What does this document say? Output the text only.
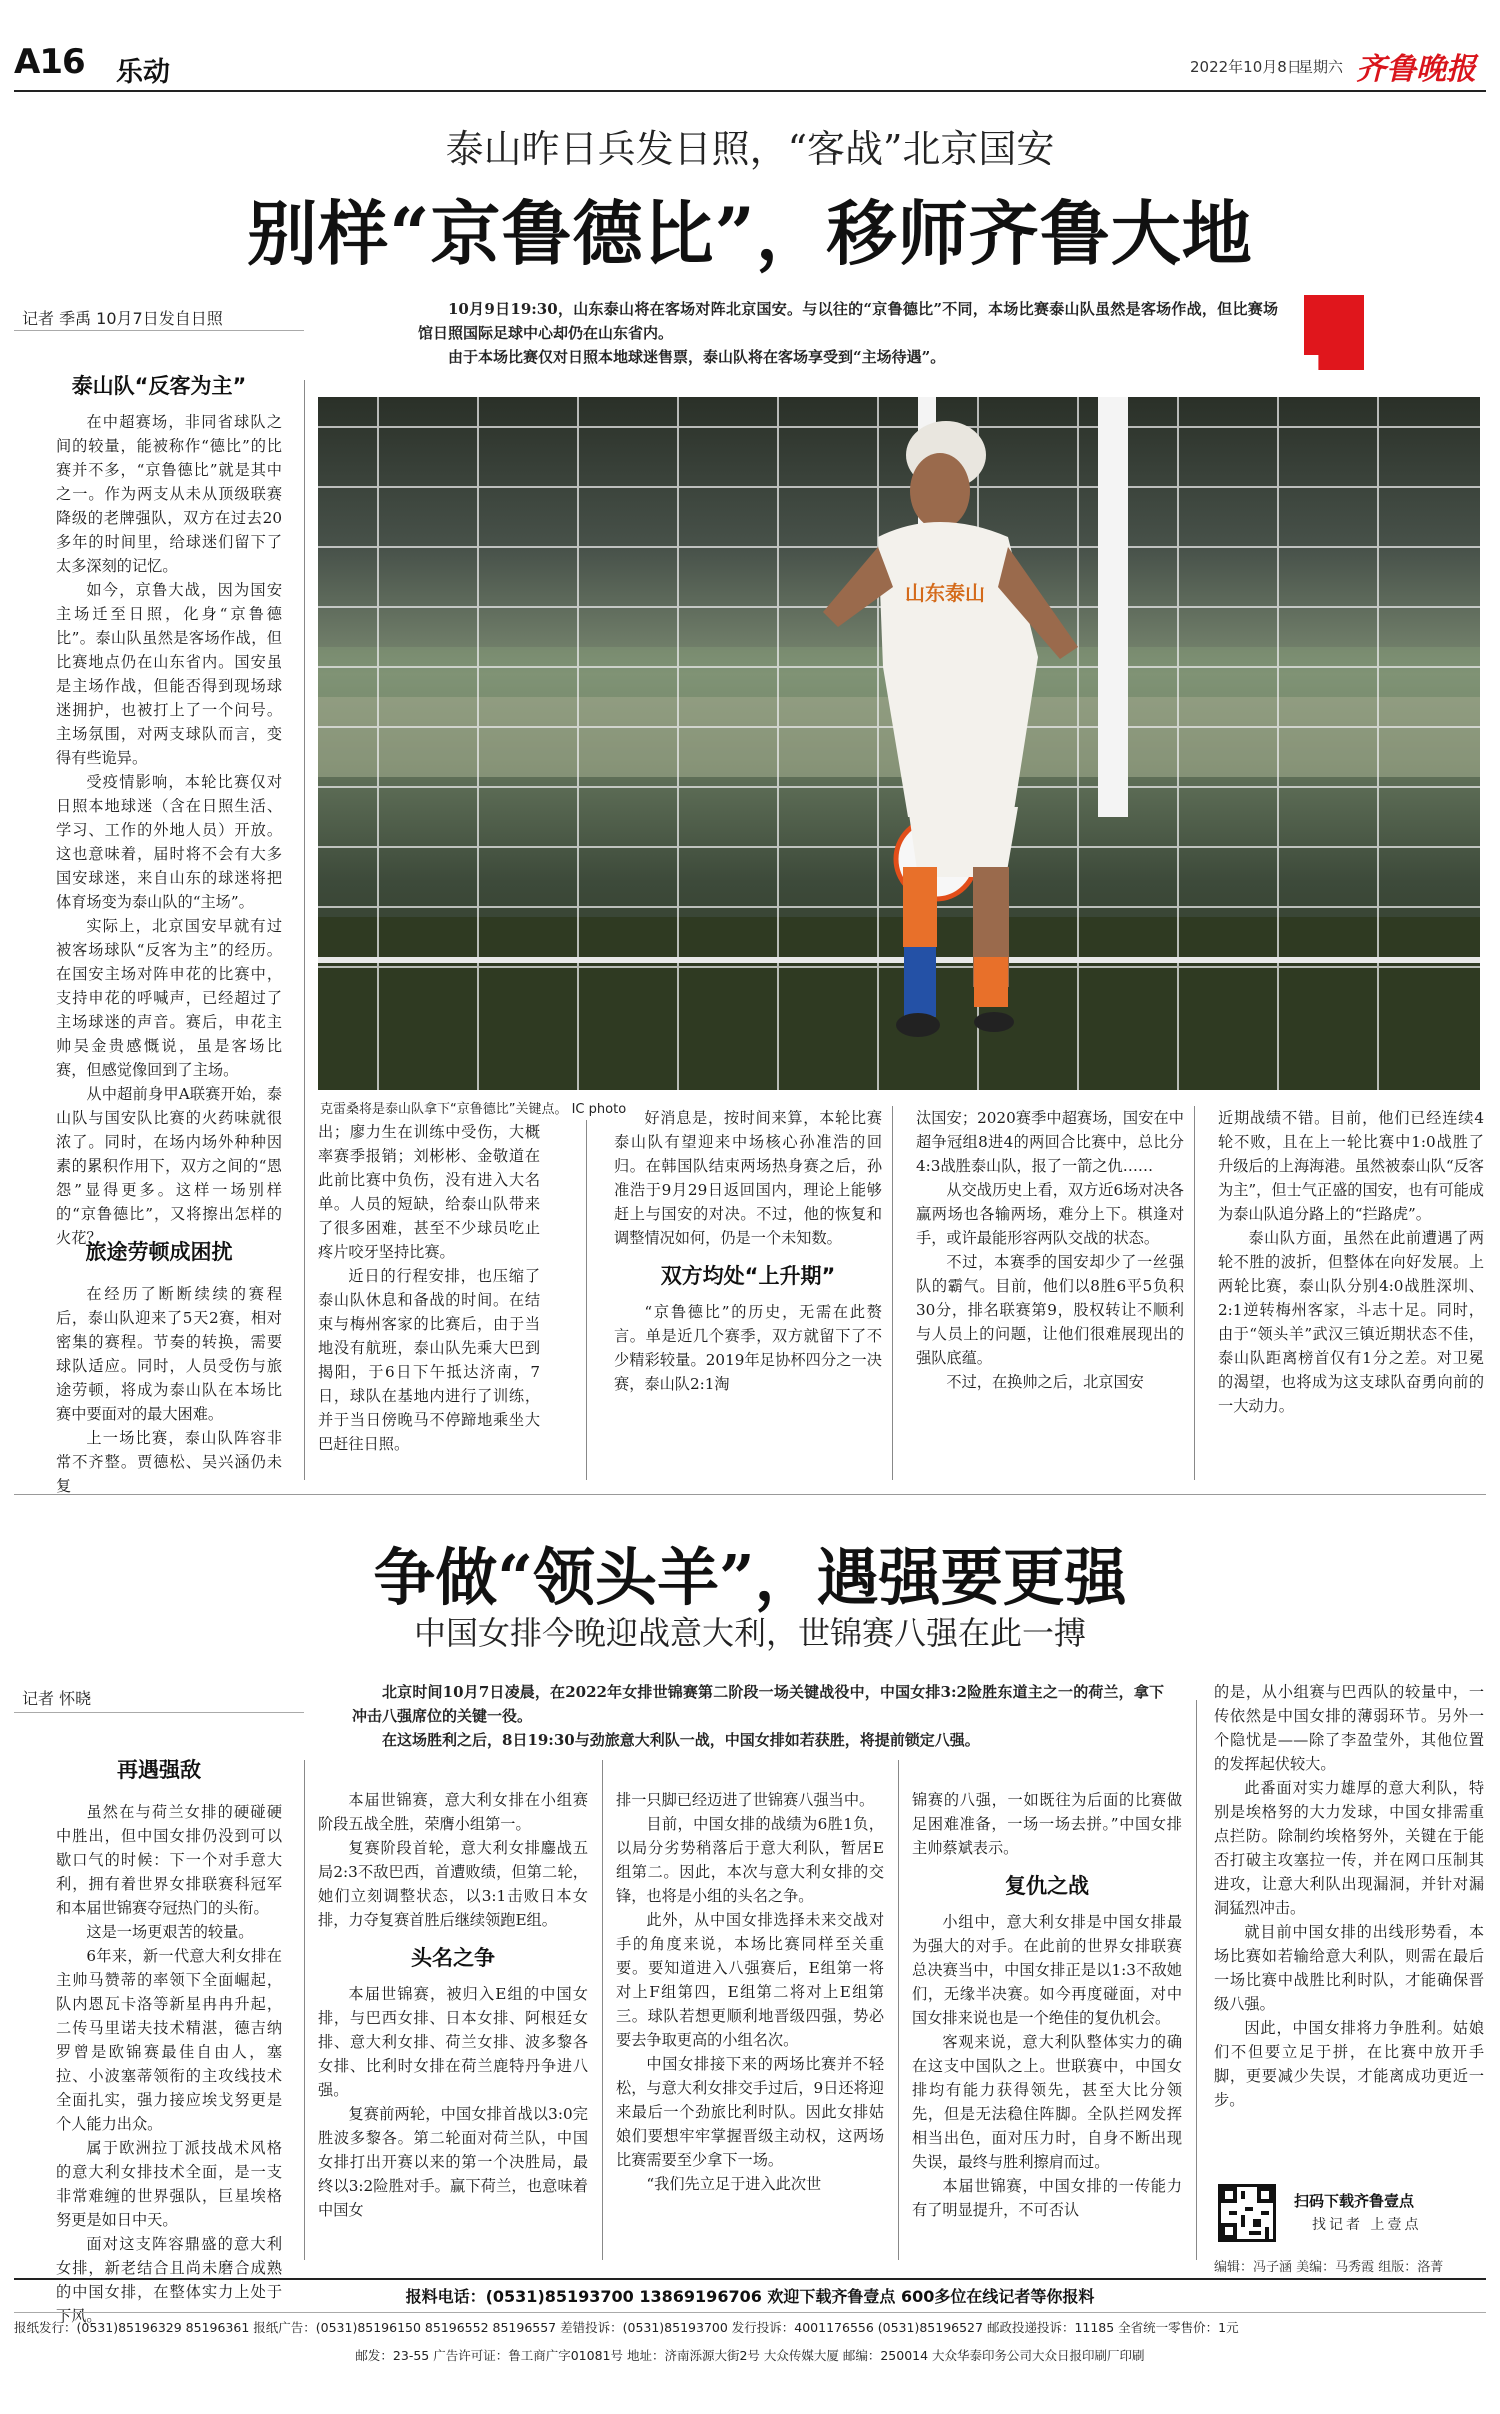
A16 乐动	2022年10月8日
星期六 齐鲁晚报
泰山昨日兵发日照，“客战”北京国安
别样“京鲁德比”，移师齐鲁大地
记者 季禹 10月7日发自日照	10月9日19:30，山东泰山将在客场对阵北京国安。与以往的“京鲁德比”不同，本场比赛泰山队虽然是客场作战，但比赛场馆日照国际足球中心却仍在山东省内。

由于本场比赛仅对日照本地球迷售票，泰山队将在客场享受到“主场待遇”。

泰山队“反客为主”

在中超赛场，非同省球队之间的较量，能被称作“德比”的比赛并不多，“京鲁德比”就是其中之一。作为两支从未从顶级联赛降级的老牌强队，双方在过去20多年的时间里，给球迷们留下了太多深刻的记忆。

如今，京鲁大战，因为国安主场迁至日照，化身“京鲁德比”。泰山队虽然是客场作战，但比赛地点仍在山东省内。国安虽是主场作战，但能否得到现场球迷拥护，也被打上了一个问号。主场氛围，对两支球队而言，变得有些诡异。

受疫情影响，本轮比赛仅对日照本地球迷（含在日照生活、学习、工作的外地人员）开放。这也意味着，届时将不会有大多国安球迷，来自山东的球迷将把体育场变为泰山队的“主场”。

实际上，北京国安早就有过被客场球队“反客为主”的经历。在国安主场对阵申花的比赛中，支持申花的呼喊声，已经超过了主场球迷的声音。赛后，申花主帅吴金贵感慨说，虽是客场比赛，但感觉像回到了主场。

从中超前身甲A联赛开始，泰山队与国安队比赛的火药味就很浓了。同时，在场内场外种种因素的累积作用下，双方之间的“恩怨”显得更多。这样一场别样的“京鲁德比”，又将擦出怎样的火花？

旅途劳顿成困扰

在经历了断断续续的赛程后，泰山队迎来了5天2赛，相对密集的赛程。节奏的转换，需要球队适应。同时，人员受伤与旅途劳顿，将成为泰山队在本场比赛中要面对的最大困难。

上一场比赛，泰山队阵容非常不齐整。贾德松、吴兴涵仍未复

山东泰山
克雷桑将是泰山队拿下“京鲁德比”关键点。 IC photo

出；廖力生在训练中受伤，大概率赛季报销；刘彬彬、金敬道在此前比赛中负伤，没有进入大名单。人员的短缺，给泰山队带来了很多困难，甚至不少球员吃止疼片咬牙坚持比赛。

近日的行程安排，也压缩了泰山队休息和备战的时间。在结束与梅州客家的比赛后，由于当地没有航班，泰山队先乘大巴到揭阳，于6日下午抵达济南，7日，球队在基地内进行了训练，并于当日傍晚马不停蹄地乘坐大巴赶往日照。

好消息是，按时间来算，本轮比赛泰山队有望迎来中场核心孙准浩的回归。在韩国队结束两场热身赛之后，孙准浩于9月29日返回国内，理论上能够赶上与国安的对决。不过，他的恢复和调整情况如何，仍是一个未知数。

双方均处“上升期”

“京鲁德比”的历史，无需在此赘言。单是近几个赛季，双方就留下了不少精彩较量。2019年足协杯四分之一决赛，泰山队2:1淘

汰国安；2020赛季中超赛场，国安在中超争冠组8进4的两回合比赛中，总比分4:3战胜泰山队，报了一箭之仇……

从交战历史上看，双方近6场对决各赢两场也各输两场，难分上下。棋逢对手，或许最能形容两队交战的状态。

不过，本赛季的国安却少了一丝强队的霸气。目前，他们以8胜6平5负积30分，排名联赛第9，股权转让不顺利与人员上的问题，让他们很难展现出的强队底蕴。

不过，在换帅之后，北京国安

近期战绩不错。目前，他们已经连续4轮不败，且在上一轮比赛中1:0战胜了升级后的上海海港。虽然被泰山队“反客为主”，但士气正盛的国安，也有可能成为泰山队追分路上的“拦路虎”。

泰山队方面，虽然在此前遭遇了两轮不胜的波折，但整体在向好发展。上两轮比赛，泰山队分别4:0战胜深圳、2:1逆转梅州客家，斗志十足。同时，由于“领头羊”武汉三镇近期状态不佳，泰山队距离榜首仅有1分之差。对卫冕的渴望，也将成为这支球队奋勇向前的一大动力。

争做“领头羊”，遇强要更强
中国女排今晚迎战意大利，世锦赛八强在此一搏
记者 怀晓	北京时间10月7日凌晨，在2022年女排世锦赛第二阶段一场关键战役中，中国女排3:2险胜东道主之一的荷兰，拿下冲击八强席位的关键一役。

在这场胜利之后，8日19:30与劲旅意大利队一战，中国女排如若获胜，将提前锁定八强。

再遇强敌

虽然在与荷兰女排的硬碰硬中胜出，但中国女排仍没到可以歇口气的时候：下一个对手意大利，拥有着世界女排联赛科冠军和本届世锦赛夺冠热门的头衔。

这是一场更艰苦的较量。

6年来，新一代意大利女排在主帅马赞蒂的率领下全面崛起，队内恩瓦卡洛等新星冉冉升起，二传马里诺夫技术精湛，德吉纳罗曾是欧锦赛最佳自由人，塞拉、小波塞蒂领衔的主攻线技术全面扎实，强力接应埃戈努更是个人能力出众。

属于欧洲拉丁派技战术风格的意大利女排技术全面，是一支非常难缠的世界强队，巨星埃格努更是如日中天。

面对这支阵容鼎盛的意大利女排，新老结合且尚未磨合成熟的中国女排，在整体实力上处于下风。

本届世锦赛，意大利女排在小组赛阶段五战全胜，荣膺小组第一。

复赛阶段首轮，意大利女排鏖战五局2:3不敌巴西，首遭败绩，但第二轮，她们立刻调整状态，以3:1击败日本女排，力夺复赛首胜后继续领跑E组。

头名之争

本届世锦赛，被归入E组的中国女排，与巴西女排、日本女排、阿根廷女排、意大利女排、荷兰女排、波多黎各女排、比利时女排在荷兰鹿特丹争进八强。

复赛前两轮，中国女排首战以3:0完胜波多黎各。第二轮面对荷兰队，中国女排打出开赛以来的第一个决胜局，最终以3:2险胜对手。赢下荷兰，也意味着中国女

排一只脚已经迈进了世锦赛八强当中。

目前，中国女排的战绩为6胜1负，以局分劣势稍落后于意大利队，暂居E组第二。因此，本次与意大利女排的交锋，也将是小组的头名之争。

此外，从中国女排选择未来交战对手的角度来说，本场比赛同样至关重要。要知道进入八强赛后，E组第一将对上F组第四，E组第二将对上E组第三。球队若想更顺利地晋级四强，势必要去争取更高的小组名次。

中国女排接下来的两场比赛并不轻松，与意大利女排交手过后，9日还将迎来最后一个劲旅比利时队。因此女排姑娘们要想牢牢掌握晋级主动权，这两场比赛需要至少拿下一场。

“我们先立足于进入此次世

锦赛的八强，一如既往为后面的比赛做足困难准备，一场一场去拼。”中国女排主帅蔡斌表示。

复仇之战

小组中，意大利女排是中国女排最为强大的对手。在此前的世界女排联赛总决赛当中，中国女排正是以1:3不敌她们，无缘半决赛。如今再度碰面，对中国女排来说也是一个绝佳的复仇机会。

客观来说，意大利队整体实力的确在这支中国队之上。世联赛中，中国女排均有能力获得领先，甚至大比分领先，但是无法稳住阵脚。全队拦网发挥相当出色，面对压力时，自身不断出现失误，最终与胜利擦肩而过。

本届世锦赛，中国女排的一传能力有了明显提升，不可否认

的是，从小组赛与巴西队的较量中，一传依然是中国女排的薄弱环节。另外一个隐忧是——除了李盈莹外，其他位置的发挥起伏较大。

此番面对实力雄厚的意大利队，特别是埃格努的大力发球，中国女排需重点拦防。除制约埃格努外，关键在于能否打破主攻塞拉一传，并在网口压制其进攻，让意大利队出现漏洞，并针对漏洞猛烈冲击。

就目前中国女排的出线形势看，本场比赛如若输给意大利队，则需在最后一场比赛中战胜比利时队，才能确保晋级八强。

因此，中国女排将力争胜利。姑娘们不但要立足于拼，在比赛中放开手脚，更要减少失误，才能离成功更近一步。

扫码下载齐鲁壹点
找记者 上壹点
编辑：冯子涵 美编：马秀霞 组版：洛菁
报料电话：(0531)85193700 13869196706 欢迎下载齐鲁壹点 600多位在线记者等你报料
报纸发行：(0531)85196329 85196361 报纸广告：(0531)85196150 85196552 85196557 差错投诉：(0531)85193700 发行投诉：4001176556 (0531)85196527 邮政投递投诉：11185 全省统一零售价：1元
邮发：23-55 广告许可证：鲁工商广字01081号 地址：济南泺源大街2号 大众传媒大厦 邮编：250014 大众华泰印务公司大众日报印刷厂印刷
